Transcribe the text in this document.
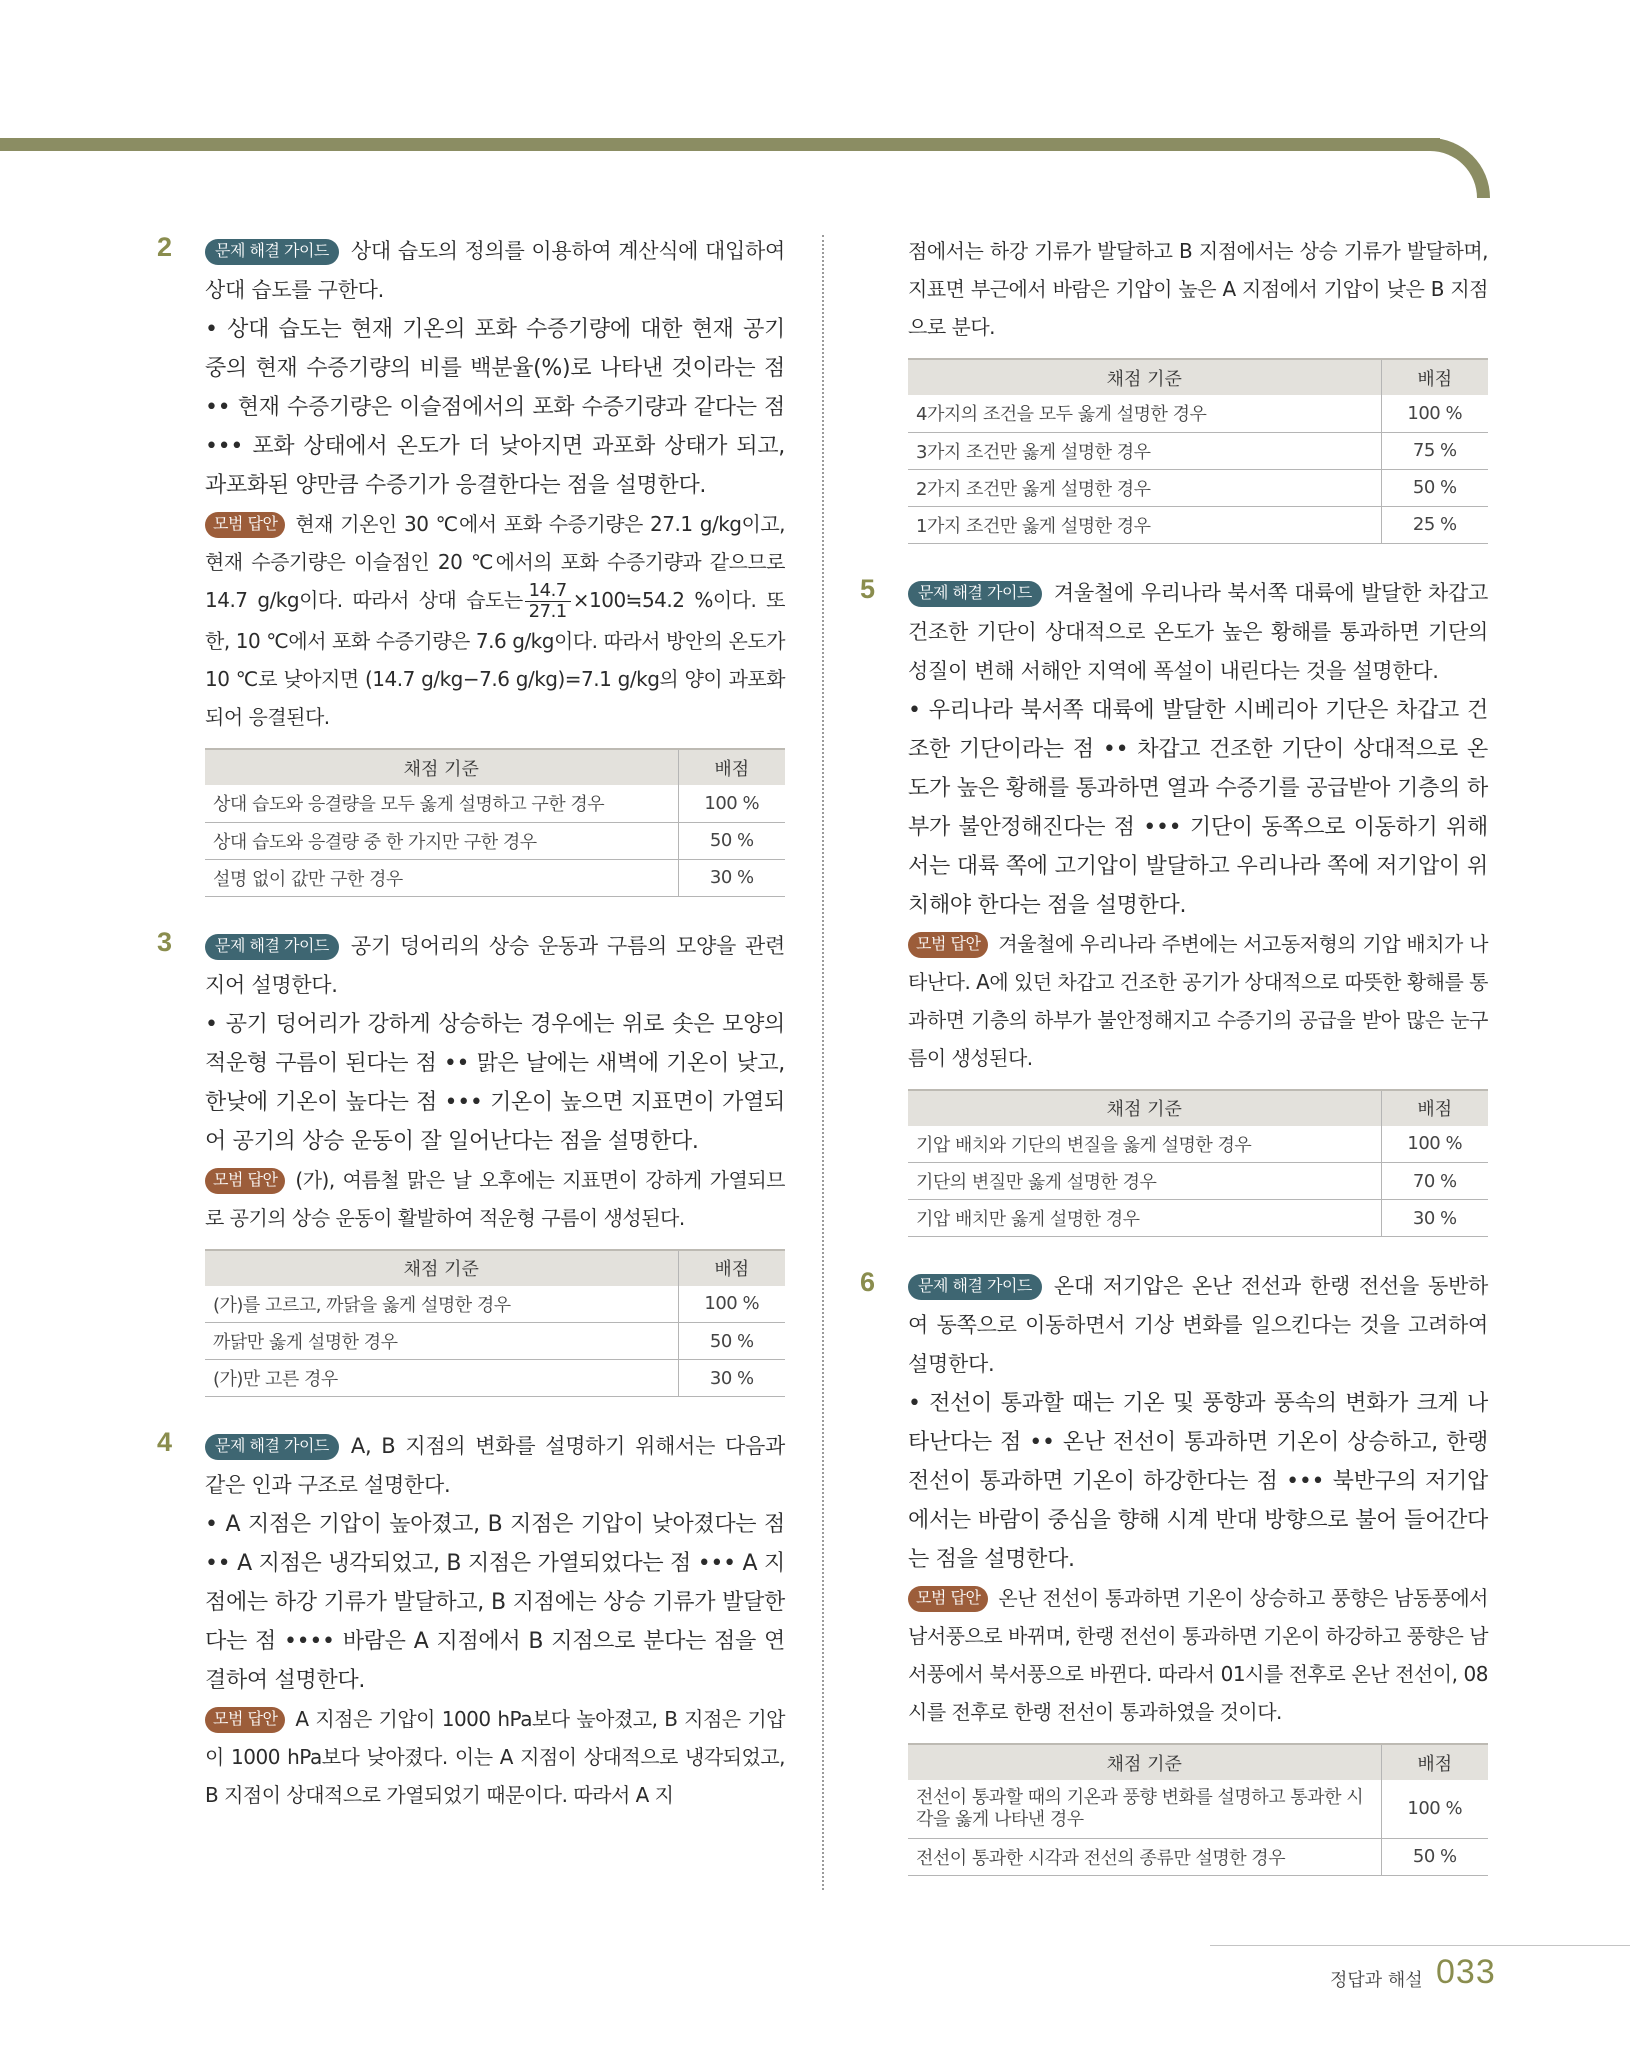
2	문제 해결 가이드 상대 습도의 정의를 이용하여 계산식에 대입하여 상대 습도를 구한다.

• 상대 습도는 현재 기온의 포화 수증기량에 대한 현재 공기 중의 현재 수증기량의 비를 백분율(%)로 나타낸 것이라는 점 •• 현재 수증기량은 이슬점에서의 포화 수증기량과 같다는 점 ••• 포화 상태에서 온도가 더 낮아지면 과포화 상태가 되고, 과포화된 양만큼 수증기가 응결한다는 점을 설명한다.

모범 답안 현재 기온인 30 ℃에서 포화 수증기량은 27.1 g/kg이고, 현재 수증기량은 이슬점인 20 ℃에서의 포화 수증기량과 같으므로 14.7 g/kg이다. 따라서 상대 습도는 $\frac{14.7}{27.1}$ ×100≒54.2 %이다. 또한, 10 ℃에서 포화 수증기량은 7.6 g/kg이다. 따라서 방안의 온도가 10 ℃로 낮아지면 (14.7 g/kg−7.6 g/kg)=7.1 g/kg의 양이 과포화되어 응결된다.

채점 기준	배점
상대 습도와 응결량을 모두 옳게 설명하고 구한 경우	100 %
상대 습도와 응결량 중 한 가지만 구한 경우	50 %
설명 없이 값만 구한 경우	30 %
3	문제 해결 가이드 공기 덩어리의 상승 운동과 구름의 모양을 관련 지어 설명한다.

• 공기 덩어리가 강하게 상승하는 경우에는 위로 솟은 모양의 적운형 구름이 된다는 점 •• 맑은 날에는 새벽에 기온이 낮고, 한낮에 기온이 높다는 점 ••• 기온이 높으면 지표면이 가열되어 공기의 상승 운동이 잘 일어난다는 점을 설명한다.

모범 답안 (가), 여름철 맑은 날 오후에는 지표면이 강하게 가열되므로 공기의 상승 운동이 활발하여 적운형 구름이 생성된다.

채점 기준	배점
(가)를 고르고, 까닭을 옳게 설명한 경우	100 %
까닭만 옳게 설명한 경우	50 %
(가)만 고른 경우	30 %
4	문제 해결 가이드 A, B 지점의 변화를 설명하기 위해서는 다음과 같은 인과 구조로 설명한다.

• A 지점은 기압이 높아졌고, B 지점은 기압이 낮아졌다는 점 •• A 지점은 냉각되었고, B 지점은 가열되었다는 점 ••• A 지점에는 하강 기류가 발달하고, B 지점에는 상승 기류가 발달한다는 점 •••• 바람은 A 지점에서 B 지점으로 분다는 점을 연결하여 설명한다.

모범 답안 A 지점은 기압이 1000 hPa보다 높아졌고, B 지점은 기압이 1000 hPa보다 낮아졌다. 이는 A 지점이 상대적으로 냉각되었고, B 지점이 상대적으로 가열되었기 때문이다. 따라서 A 지

점에서는 하강 기류가 발달하고 B 지점에서는 상승 기류가 발달하며, 지표면 부근에서 바람은 기압이 높은 A 지점에서 기압이 낮은 B 지점으로 분다.

채점 기준	배점
4가지의 조건을 모두 옳게 설명한 경우	100 %
3가지 조건만 옳게 설명한 경우	75 %
2가지 조건만 옳게 설명한 경우	50 %
1가지 조건만 옳게 설명한 경우	25 %
5	문제 해결 가이드 겨울철에 우리나라 북서쪽 대륙에 발달한 차갑고 건조한 기단이 상대적으로 온도가 높은 황해를 통과하면 기단의 성질이 변해 서해안 지역에 폭설이 내린다는 것을 설명한다.

• 우리나라 북서쪽 대륙에 발달한 시베리아 기단은 차갑고 건조한 기단이라는 점 •• 차갑고 건조한 기단이 상대적으로 온도가 높은 황해를 통과하면 열과 수증기를 공급받아 기층의 하부가 불안정해진다는 점 ••• 기단이 동쪽으로 이동하기 위해서는 대륙 쪽에 고기압이 발달하고 우리나라 쪽에 저기압이 위치해야 한다는 점을 설명한다.

모범 답안 겨울철에 우리나라 주변에는 서고동저형의 기압 배치가 나타난다. A에 있던 차갑고 건조한 공기가 상대적으로 따뜻한 황해를 통과하면 기층의 하부가 불안정해지고 수증기의 공급을 받아 많은 눈구름이 생성된다.

채점 기준	배점
기압 배치와 기단의 변질을 옳게 설명한 경우	100 %
기단의 변질만 옳게 설명한 경우	70 %
기압 배치만 옳게 설명한 경우	30 %
6	문제 해결 가이드 온대 저기압은 온난 전선과 한랭 전선을 동반하여 동쪽으로 이동하면서 기상 변화를 일으킨다는 것을 고려하여 설명한다.

• 전선이 통과할 때는 기온 및 풍향과 풍속의 변화가 크게 나타난다는 점 •• 온난 전선이 통과하면 기온이 상승하고, 한랭 전선이 통과하면 기온이 하강한다는 점 ••• 북반구의 저기압에서는 바람이 중심을 향해 시계 반대 방향으로 불어 들어간다는 점을 설명한다.

모범 답안 온난 전선이 통과하면 기온이 상승하고 풍향은 남동풍에서 남서풍으로 바뀌며, 한랭 전선이 통과하면 기온이 하강하고 풍향은 남서풍에서 북서풍으로 바뀐다. 따라서 01시를 전후로 온난 전선이, 08시를 전후로 한랭 전선이 통과하였을 것이다.

채점 기준	배점
전선이 통과할 때의 기온과 풍향 변화를 설명하고 통과한 시각을 옳게 나타낸 경우	100 %
전선이 통과한 시각과 전선의 종류만 설명한 경우	50 %
정답과 해설 033
